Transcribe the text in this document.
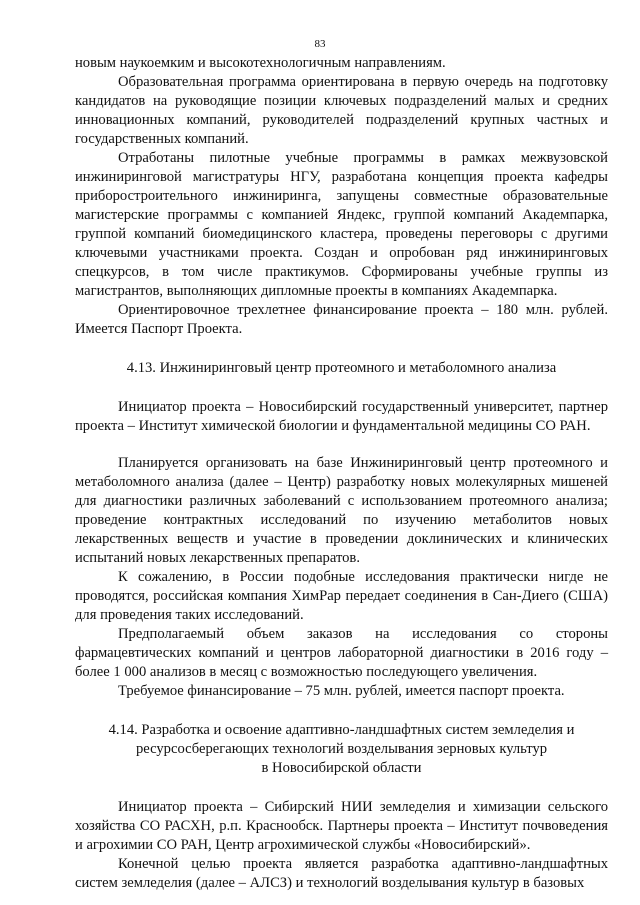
83

новым наукоемким и высокотехнологичным направлениям.

Образовательная программа ориентирована в первую очередь на подготовку кандидатов на руководящие позиции ключевых подразделений малых и средних инновационных компаний, руководителей подразделений крупных частных и государственных компаний.

Отработаны пилотные учебные программы в рамках межвузовской инжиниринговой магистратуры НГУ, разработана концепция проекта кафедры приборостроительного инжиниринга, запущены совместные образовательные магистерские программы с компанией Яндекс, группой компаний Академпарка, группой компаний биомедицинского кластера, проведены переговоры с другими ключевыми участниками проекта. Создан и опробован ряд инжиниринговых спецкурсов, в том числе практикумов. Сформированы учебные группы из магистрантов, выполняющих дипломные проекты в компаниях Академпарка.

Ориентировочное трехлетнее финансирование проекта – 180 млн. рублей. Имеется Паспорт Проекта.

4.13. Инжиниринговый центр протеомного и метаболомного анализа

Инициатор проекта – Новосибирский государственный университет, партнер проекта – Институт химической биологии и фундаментальной медицины СО РАН.

Планируется организовать на базе Инжиниринговый центр протеомного и метаболомного анализа (далее – Центр) разработку новых молекулярных мишеней для диагностики различных заболеваний с использованием протеомного анализа; проведение контрактных исследований по изучению метаболитов новых лекарственных веществ и участие в проведении доклинических и клинических испытаний новых лекарственных препаратов.

К сожалению, в России подобные исследования практически нигде не проводятся, российская компания ХимРар передает соединения в Сан-Диего (США) для проведения таких исследований.

Предполагаемый объем заказов на исследования со стороны фармацевтических компаний и центров лабораторной диагностики в 2016 году – более 1 000 анализов в месяц с возможностью последующего увеличения.

Требуемое финансирование – 75 млн. рублей, имеется паспорт проекта.

4.14. Разработка и освоение адаптивно-ландшафтных систем земледелия и

ресурсосберегающих технологий возделывания зерновых культур

в Новосибирской области

Инициатор проекта – Сибирский НИИ земледелия и химизации сельского хозяйства СО РАСХН, р.п. Краснообск. Партнеры проекта – Институт почвоведения и агрохимии СО РАН, Центр агрохимической службы «Новосибирский».

Конечной целью проекта является разработка адаптивно-ландшафтных систем земледелия (далее – АЛСЗ) и технологий возделывания культур в базовых
